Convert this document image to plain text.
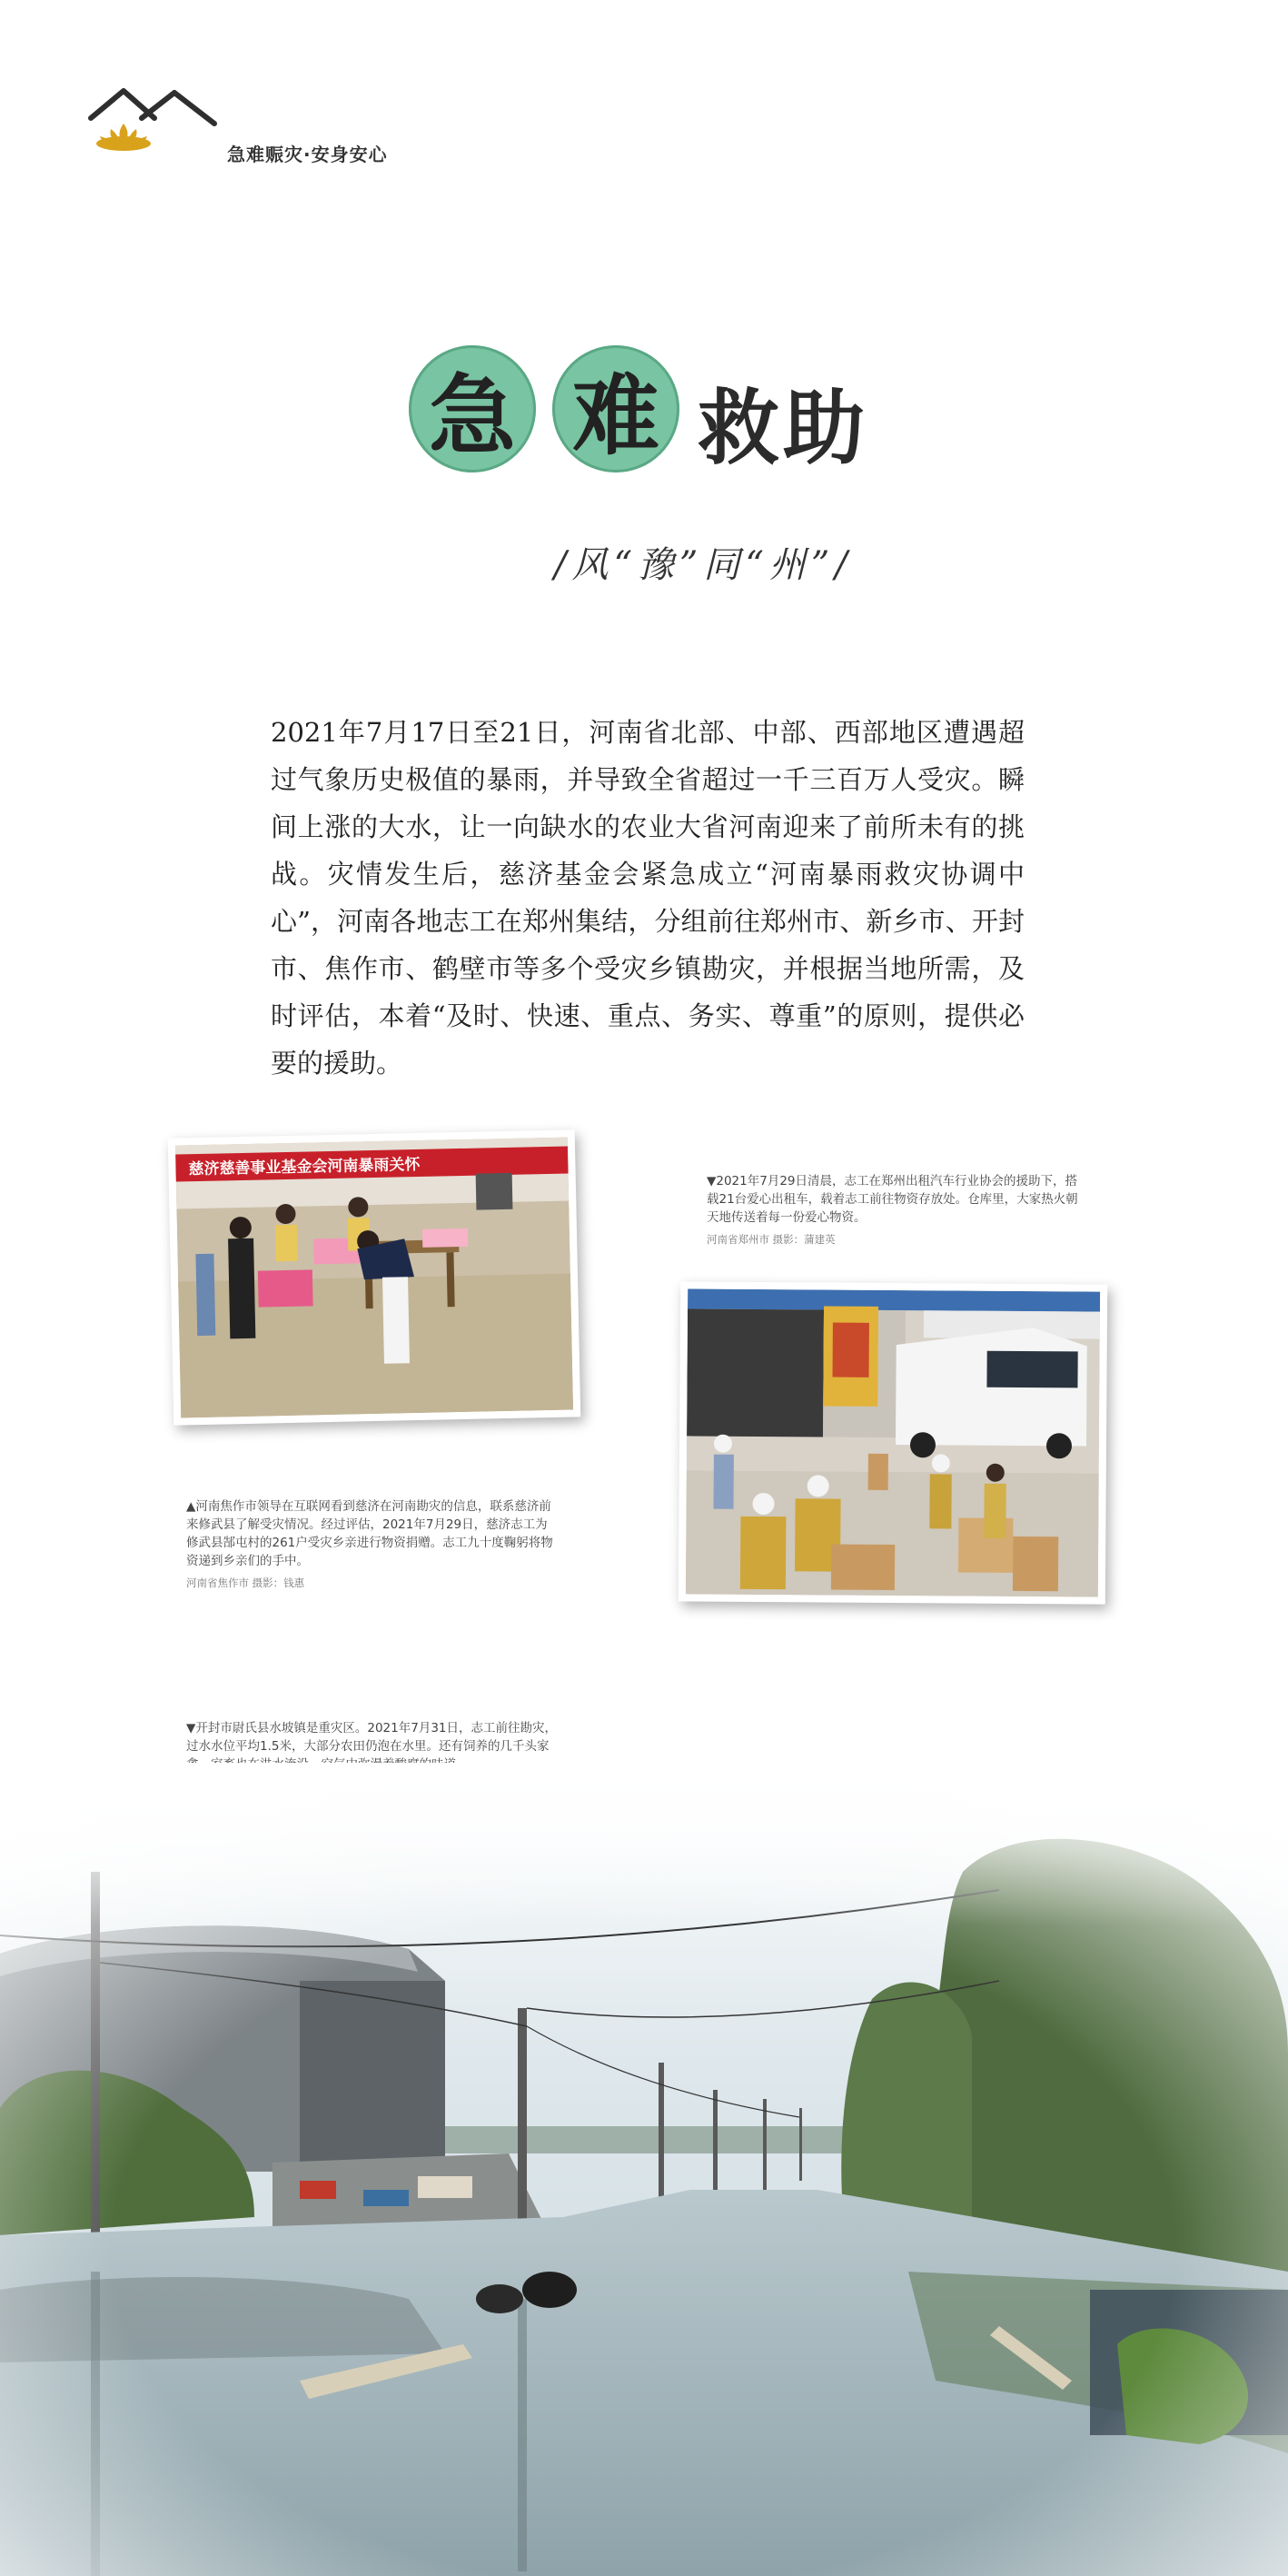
急难赈灾·安身安心
急 难 救助
/风“豫”同“州”/
2021年7月17日至21日，河南省北部、中部、西部地区遭遇超过气象历史极值的暴雨，并导致全省超过一千三百万人受灾。瞬间上涨的大水，让一向缺水的农业大省河南迎来了前所未有的挑战。灾情发生后，慈济基金会紧急成立“河南暴雨救灾协调中心”，河南各地志工在郑州集结，分组前往郑州市、新乡市、开封市、焦作市、鹤壁市等多个受灾乡镇勘灾，并根据当地所需，及时评估，本着“及时、快速、重点、务实、尊重”的原则，提供必要的援助。
慈济慈善事业基金会河南暴雨关怀
▲河南焦作市领导在互联网看到慈济在河南勘灾的信息，联系慈济前来修武县了解受灾情况。经过评估，2021年7月29日，慈济志工为修武县郜屯村的261户受灾乡亲进行物资捐赠。志工九十度鞠躬将物资递到乡亲们的手中。
河南省焦作市 摄影：钱惠
▼2021年7月29日清晨，志工在郑州出租汽车行业协会的援助下，搭载21台爱心出租车，载着志工前往物资存放处。仓库里，大家热火朝天地传送着每一份爱心物资。
河南省郑州市 摄影：蒲建英
▼开封市尉氏县水坡镇是重灾区。2021年7月31日，志工前往勘灾，过水水位平均1.5米，大部分农田仍泡在水里。还有饲养的几千头家
